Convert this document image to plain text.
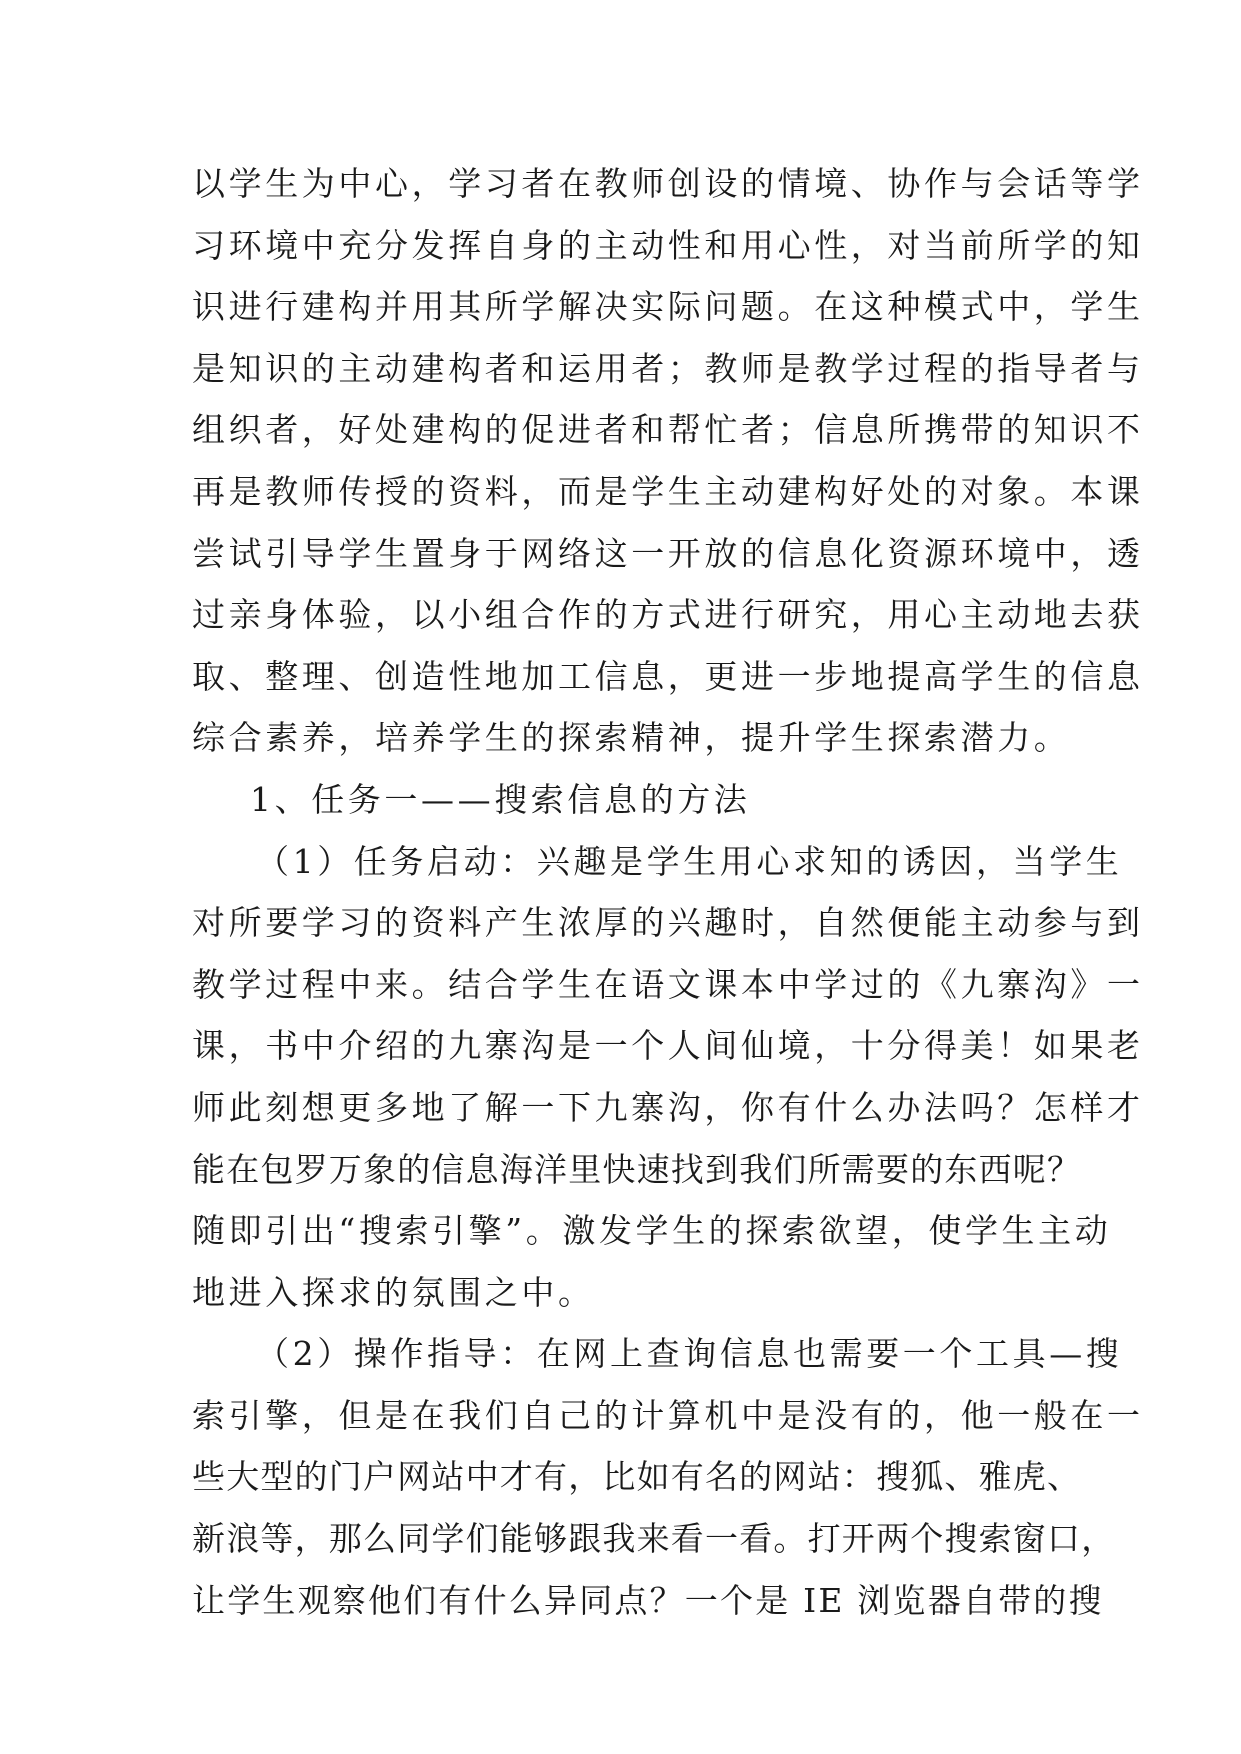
以学生为中心，学习者在教师创设的情境、协作与会话等学
习环境中充分发挥自身的主动性和用心性，对当前所学的知
识进行建构并用其所学解决实际问题。在这种模式中，学生
是知识的主动建构者和运用者；教师是教学过程的指导者与
组织者，好处建构的促进者和帮忙者；信息所携带的知识不
再是教师传授的资料，而是学生主动建构好处的对象。本课
尝试引导学生置身于网络这一开放的信息化资源环境中，透
过亲身体验，以小组合作的方式进行研究，用心主动地去获
取、整理、创造性地加工信息，更进一步地提高学生的信息
综合素养，培养学生的探索精神，提升学生探索潜力。
1、任务一——搜索信息的方法
（1）任务启动：兴趣是学生用心求知的诱因，当学生
对所要学习的资料产生浓厚的兴趣时，自然便能主动参与到
教学过程中来。结合学生在语文课本中学过的《九寨沟》一
课，书中介绍的九寨沟是一个人间仙境，十分得美！如果老
师此刻想更多地了解一下九寨沟，你有什么办法吗？怎样才
能在包罗万象的信息海洋里快速找到我们所需要的东西呢？
随即引出“搜索引擎”。激发学生的探索欲望，使学生主动
地进入探求的氛围之中。
（2）操作指导：在网上查询信息也需要一个工具—搜
索引擎，但是在我们自己的计算机中是没有的，他一般在一
些大型的门户网站中才有，比如有名的网站：搜狐、雅虎、
新浪等，那么同学们能够跟我来看一看。打开两个搜索窗口，
让学生观察他们有什么异同点？一个是 IE 浏览器自带的搜
